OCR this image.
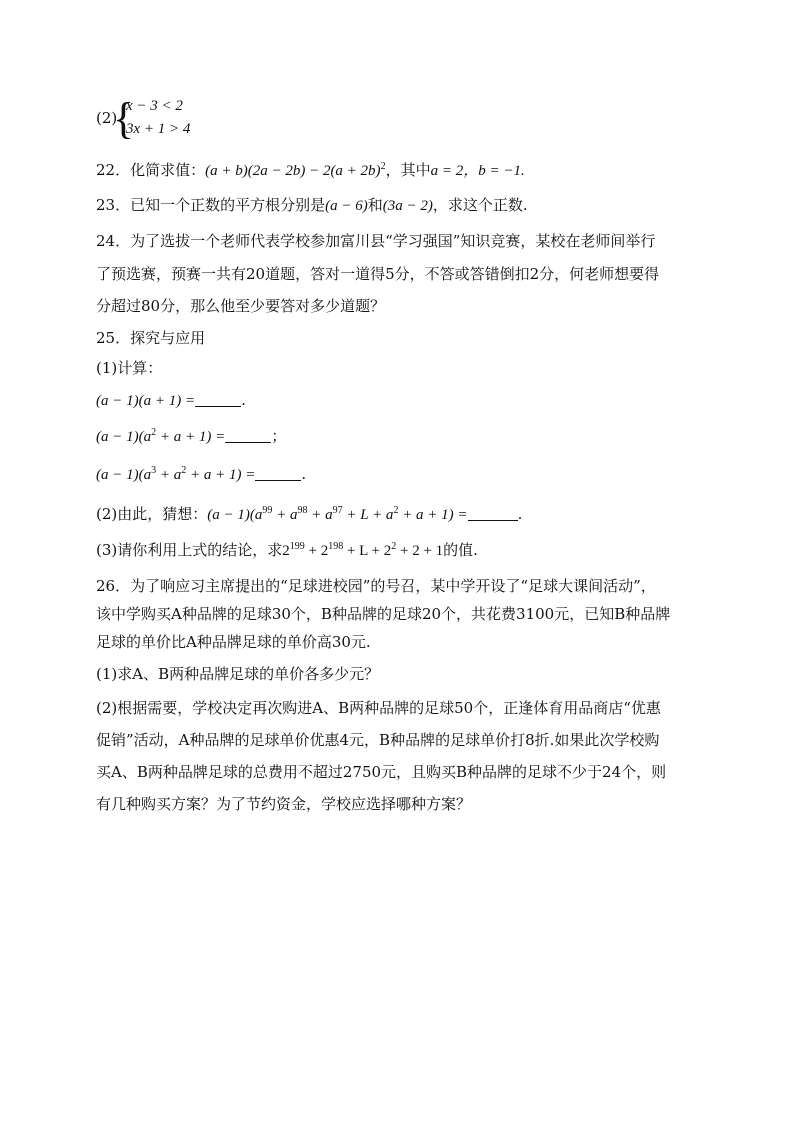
(2)
{
x − 3 < 2
3x + 1 > 4
22．化简求值：$(a + b)(2a - 2b) - 2(a + 2b)^2$，其中a = 2，b = −1.
23．已知一个正数的平方根分别是(a − 6)和(3a − 2)，求这个正数.
24．为了选拔一个老师代表学校参加富川县“学习强国”知识竞赛，某校在老师间举行
了预选赛，预赛一共有20道题，答对一道得5分，不答或答错倒扣2分，何老师想要得
分超过80分，那么他至少要答对多少道题？
25．探究与应用
(1)计算：
(a − 1)(a + 1) =	.
$(a - 1)(a^2 + a + 1)$ =	；
$(a - 1)(a^3 + a^2 + a + 1)$ =	.
(2)由此，猜想：$(a - 1)(a^{99} + a^{98} + a^{97} + L + a^2 + a + 1)$ =	.
(3)请你利用上式的结论，求$2^{199} + 2^{198} + L + 2^2 + 2 + 1$的值.
26．为了响应习主席提出的“足球进校园”的号召，某中学开设了“足球大课间活动”，
该中学购买A种品牌的足球30个，B种品牌的足球20个，共花费3100元，已知B种品牌
足球的单价比A种品牌足球的单价高30元.
(1)求A、B两种品牌足球的单价各多少元？
(2)根据需要，学校决定再次购进A、B两种品牌的足球50个，正逢体育用品商店“优惠
促销”活动，A种品牌的足球单价优惠4元，B种品牌的足球单价打8折.如果此次学校购
买A、B两种品牌足球的总费用不超过2750元，且购买B种品牌的足球不少于24个，则
有几种购买方案？为了节约资金，学校应选择哪种方案？
